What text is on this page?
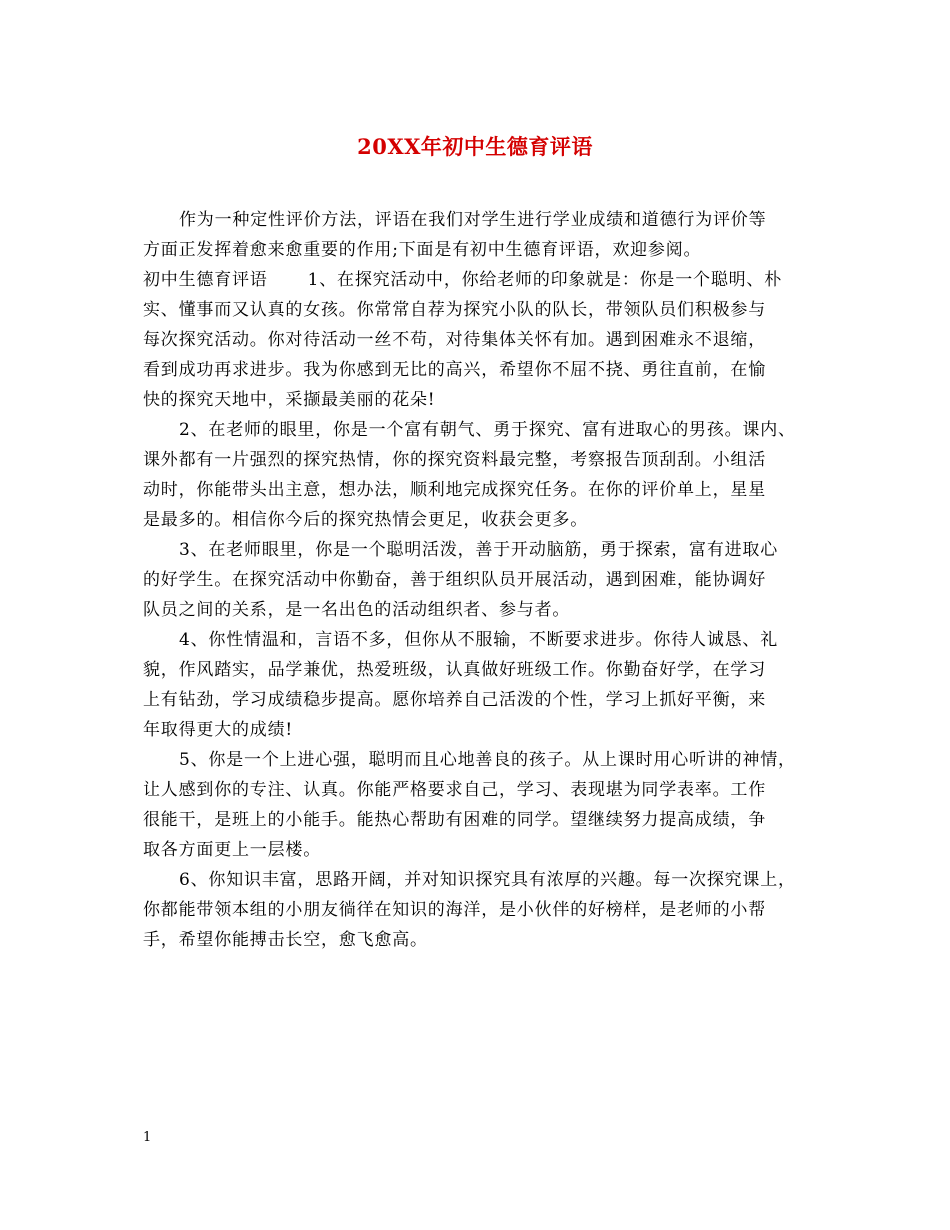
20XX年初中生德育评语
作为一种定性评价方法，评语在我们对学生进行学业成绩和道德行为评价等
方面正发挥着愈来愈重要的作用;下面是有初中生德育评语，欢迎参阅。
初中生德育评语 1、在探究活动中，你给老师的印象就是：你是一个聪明、朴
实、懂事而又认真的女孩。你常常自荐为探究小队的队长，带领队员们积极参与
每次探究活动。你对待活动一丝不苟，对待集体关怀有加。遇到困难永不退缩，
看到成功再求进步。我为你感到无比的高兴，希望你不屈不挠、勇往直前，在愉
快的探究天地中，采撷最美丽的花朵!
2、在老师的眼里，你是一个富有朝气、勇于探究、富有进取心的男孩。课内、
课外都有一片强烈的探究热情，你的探究资料最完整，考察报告顶刮刮。小组活
动时，你能带头出主意，想办法，顺利地完成探究任务。在你的评价单上，星星
是最多的。相信你今后的探究热情会更足，收获会更多。
3、在老师眼里，你是一个聪明活泼，善于开动脑筋，勇于探索，富有进取心
的好学生。在探究活动中你勤奋，善于组织队员开展活动，遇到困难，能协调好
队员之间的关系，是一名出色的活动组织者、参与者。
4、你性情温和，言语不多，但你从不服输，不断要求进步。你待人诚恳、礼
貌，作风踏实，品学兼优，热爱班级，认真做好班级工作。你勤奋好学，在学习
上有钻劲，学习成绩稳步提高。愿你培养自己活泼的个性，学习上抓好平衡，来
年取得更大的成绩!
5、你是一个上进心强，聪明而且心地善良的孩子。从上课时用心听讲的神情，
让人感到你的专注、认真。你能严格要求自己，学习、表现堪为同学表率。工作
很能干，是班上的小能手。能热心帮助有困难的同学。望继续努力提高成绩，争
取各方面更上一层楼。
6、你知识丰富，思路开阔，并对知识探究具有浓厚的兴趣。每一次探究课上，
你都能带领本组的小朋友徜徉在知识的海洋，是小伙伴的好榜样，是老师的小帮
手，希望你能搏击长空，愈飞愈高。
1
